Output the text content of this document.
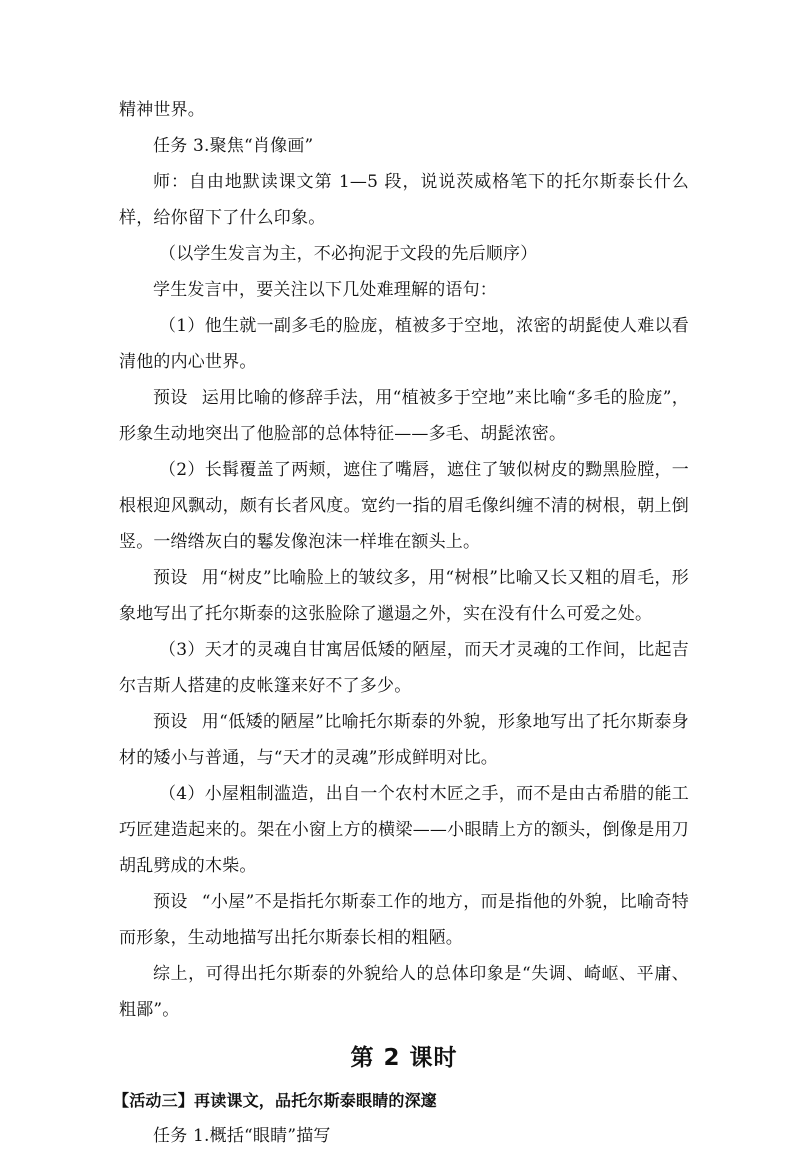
精神世界。

任务 3.聚焦“肖像画”

师：自由地默读课文第 1—5 段，说说茨威格笔下的托尔斯泰长什么样，给你留下了什么印象。

（以学生发言为主，不必拘泥于文段的先后顺序）

学生发言中，要关注以下几处难理解的语句：

（1）他生就一副多毛的脸庞，植被多于空地，浓密的胡髭使人难以看清他的内心世界。

预设 运用比喻的修辞手法，用“植被多于空地”来比喻“多毛的脸庞”，形象生动地突出了他脸部的总体特征——多毛、胡髭浓密。

（2）长髯覆盖了两颊，遮住了嘴唇，遮住了皱似树皮的黝黑脸膛，一根根迎风飘动，颇有长者风度。宽约一指的眉毛像纠缠不清的树根，朝上倒竖。一绺绺灰白的鬈发像泡沫一样堆在额头上。

预设 用“树皮”比喻脸上的皱纹多，用“树根”比喻又长又粗的眉毛，形象地写出了托尔斯泰的这张脸除了邋遢之外，实在没有什么可爱之处。

（3）天才的灵魂自甘寓居低矮的陋屋，而天才灵魂的工作间，比起吉尔吉斯人搭建的皮帐篷来好不了多少。

预设 用“低矮的陋屋”比喻托尔斯泰的外貌，形象地写出了托尔斯泰身材的矮小与普通，与“天才的灵魂”形成鲜明对比。

（4）小屋粗制滥造，出自一个农村木匠之手，而不是由古希腊的能工巧匠建造起来的。架在小窗上方的横梁——小眼睛上方的额头，倒像是用刀胡乱劈成的木柴。

预设 “小屋”不是指托尔斯泰工作的地方，而是指他的外貌，比喻奇特而形象，生动地描写出托尔斯泰长相的粗陋。

综上，可得出托尔斯泰的外貌给人的总体印象是“失调、崎岖、平庸、粗鄙”。

第 2 课时

【活动三】再读课文，品托尔斯泰眼睛的深邃

任务 1.概括“眼睛”描写
